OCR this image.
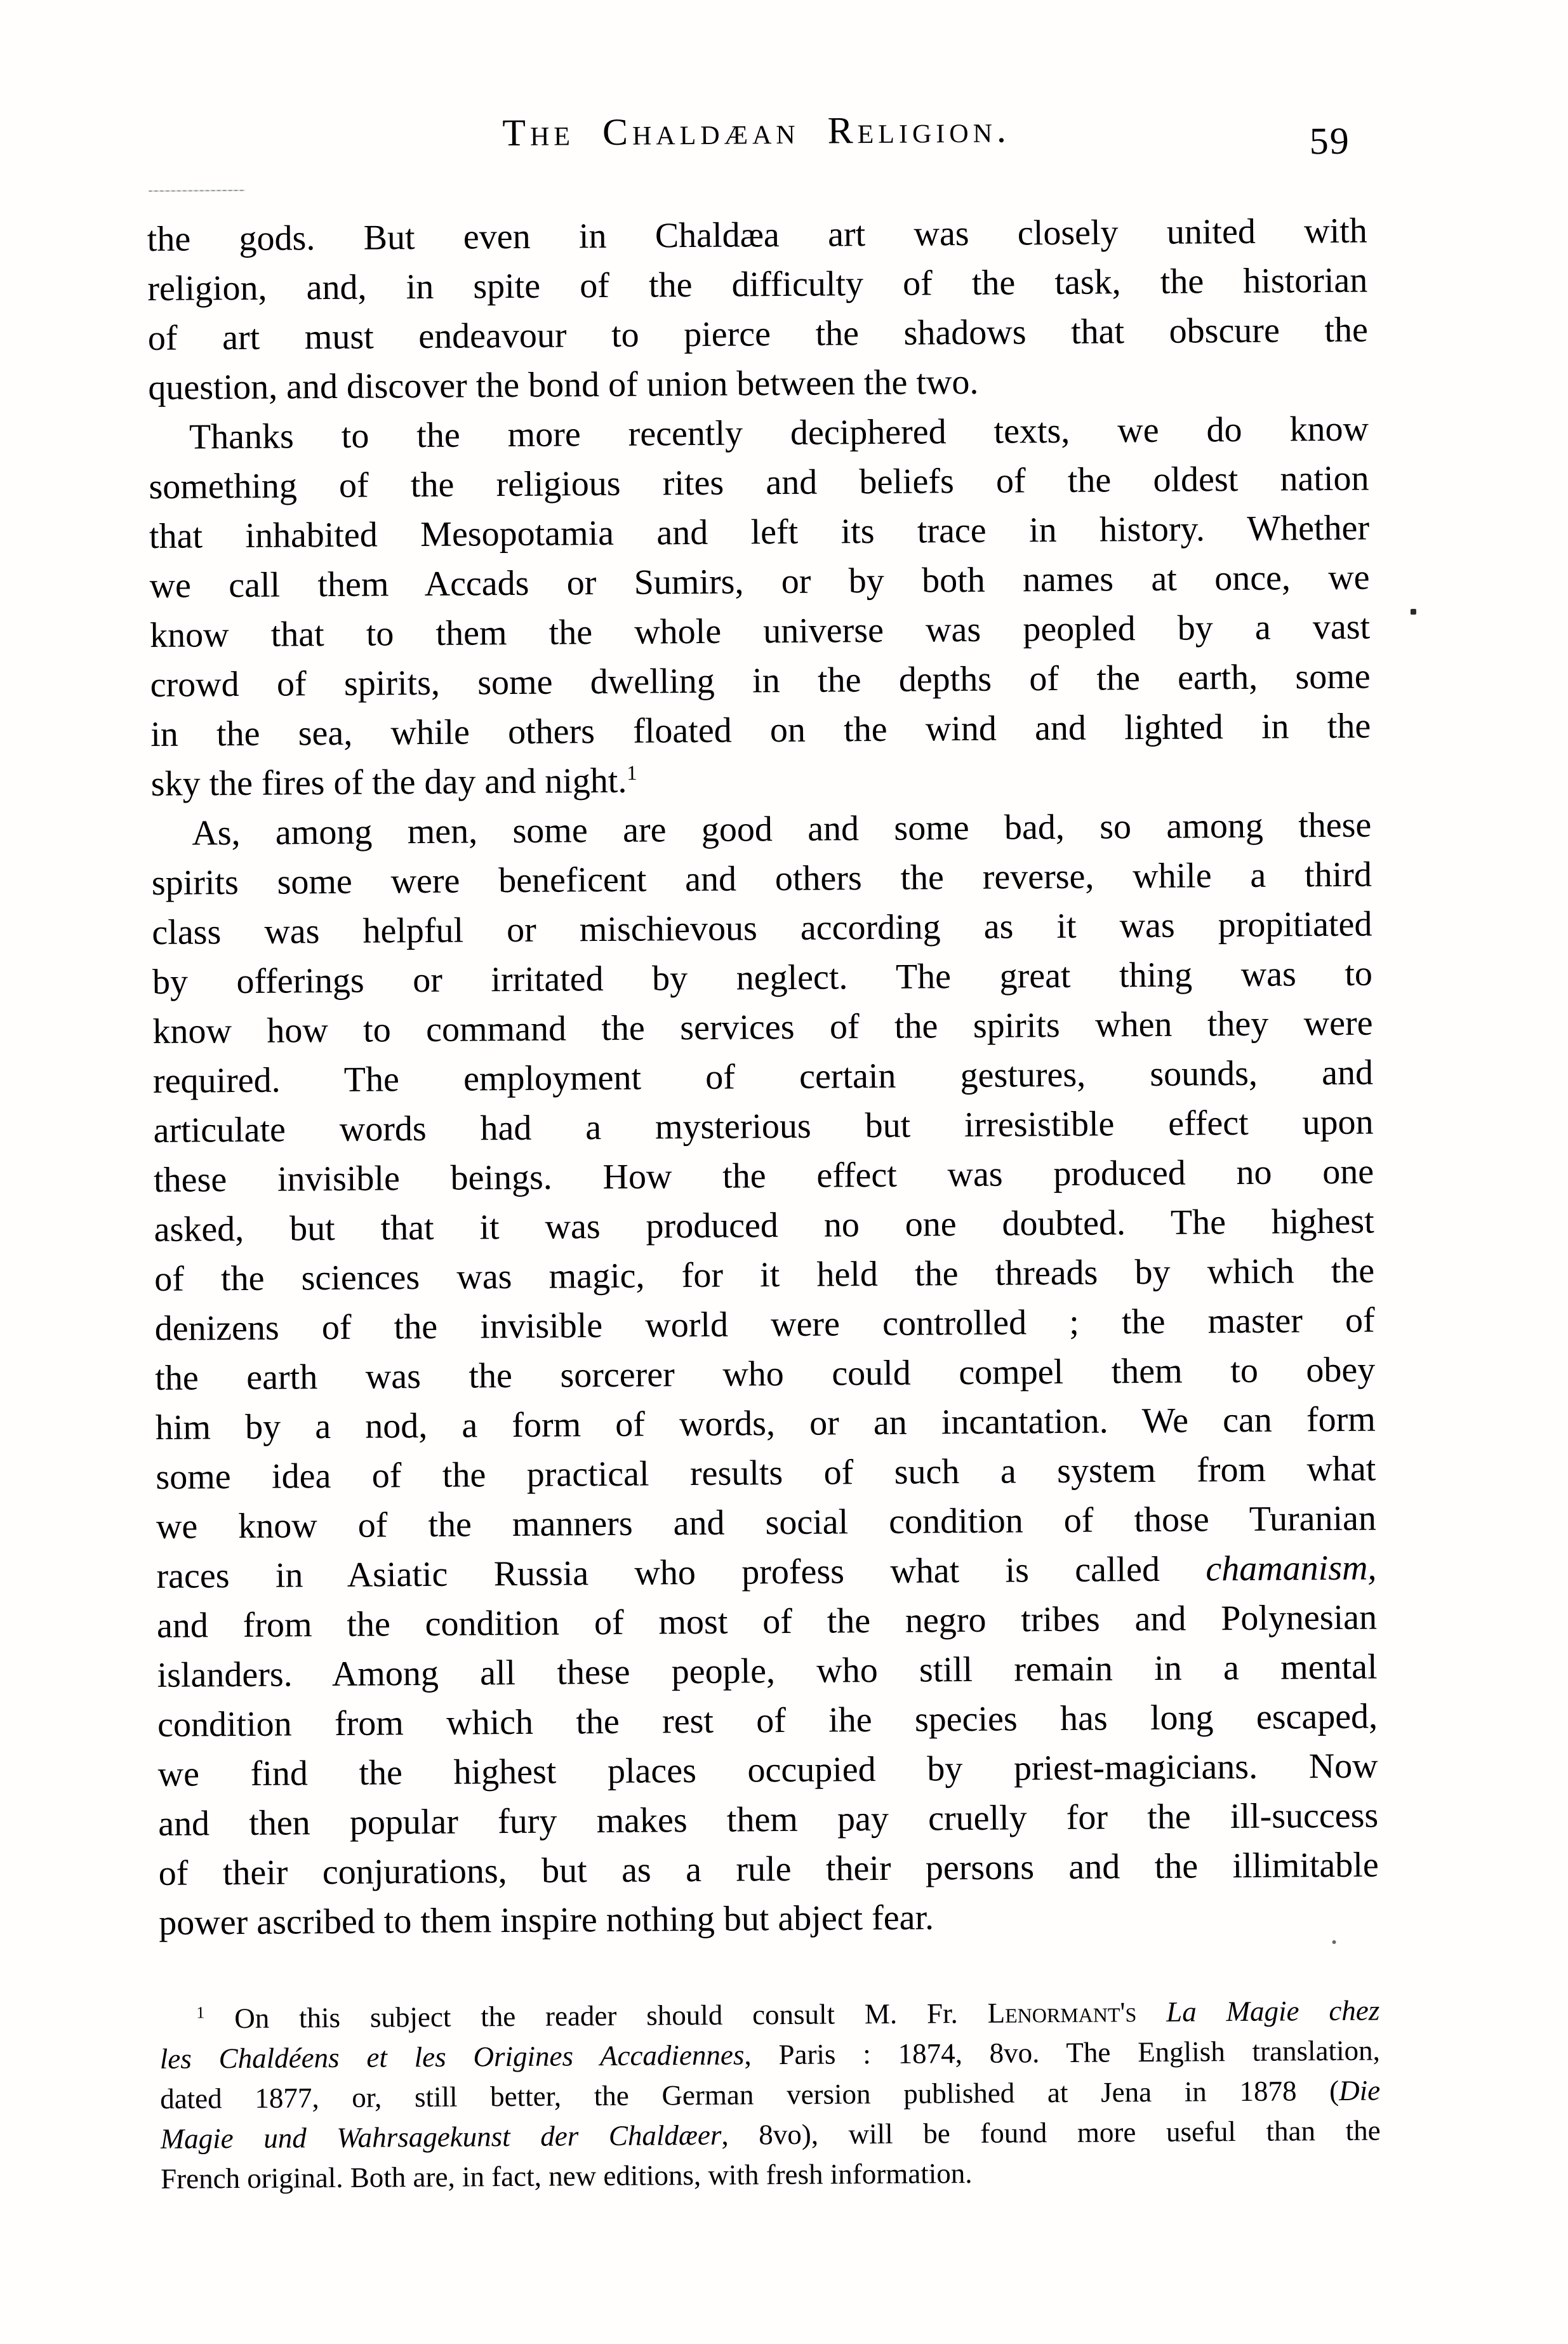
The Chaldæan Religion.	59
the gods. But even in Chaldæa art was closely united with
religion, and, in spite of the difficulty of the task, the historian
of art must endeavour to pierce the shadows that obscure the
question, and discover the bond of union between the two.
Thanks to the more recently deciphered texts, we do know
something of the religious rites and beliefs of the oldest nation
that inhabited Mesopotamia and left its trace in history. Whether
we call them Accads or Sumirs, or by both names at once, we
know that to them the whole universe was peopled by a vast
crowd of spirits, some dwelling in the depths of the earth, some
in the sea, while others floated on the wind and lighted in the
sky the fires of the day and night.$^1$
As, among men, some are good and some bad, so among these
spirits some were beneficent and others the reverse, while a third
class was helpful or mischievous according as it was propitiated
by offerings or irritated by neglect. The great thing was to
know how to command the services of the spirits when they were
required. The employment of certain gestures, sounds, and
articulate words had a mysterious but irresistible effect upon
these invisible beings. How the effect was produced no one
asked, but that it was produced no one doubted. The highest
of the sciences was magic, for it held the threads by which the
denizens of the invisible world were controlled ; the master of
the earth was the sorcerer who could compel them to obey
him by a nod, a form of words, or an incantation. We can form
some idea of the practical results of such a system from what
we know of the manners and social condition of those Turanian
races in Asiatic Russia who profess what is called chamanism,
and from the condition of most of the negro tribes and Polynesian
islanders. Among all these people, who still remain in a mental
condition from which the rest of ihe species has long escaped,
we find the highest places occupied by priest-magicians. Now
and then popular fury makes them pay cruelly for the ill-success
of their conjurations, but as a rule their persons and the illimitable
power ascribed to them inspire nothing but abject fear.
$^1$ On this subject the reader should consult M. Fr. Lenormant's La Magie chez
les Chaldéens et les Origines Accadiennes, Paris : 1874, 8vo. The English translation,
dated 1877, or, still better, the German version published at Jena in 1878 (Die
Magie und Wahrsagekunst der Chaldæer, 8vo), will be found more useful than the
French original. Both are, in fact, new editions, with fresh information.
